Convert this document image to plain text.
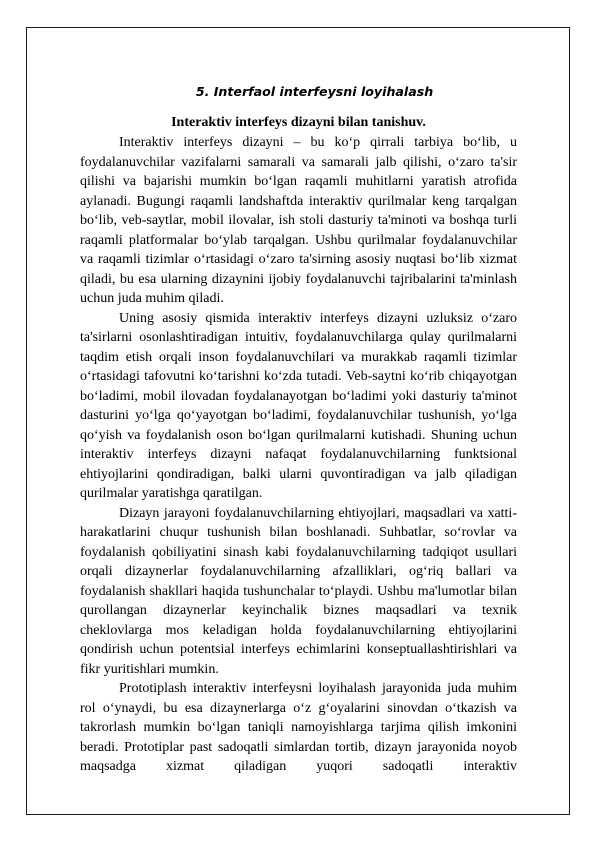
5. Interfaol interfeysni loyihalash
Interaktiv interfeys dizayni bilan tanishuv.

Interaktiv interfeys dizayni – bu ko‘p qirrali tarbiya bo‘lib, u foydalanuvchilar vazifalarni samarali va samarali jalb qilishi, o‘zaro ta'sir qilishi va bajarishi mumkin bo‘lgan raqamli muhitlarni yaratish atrofida aylanadi. Bugungi raqamli landshaftda interaktiv qurilmalar keng tarqalgan bo‘lib, veb-saytlar, mobil ilovalar, ish stoli dasturiy ta'minoti va boshqa turli raqamli platformalar bo‘ylab tarqalgan. Ushbu qurilmalar foydalanuvchilar va raqamli tizimlar o‘rtasidagi o‘zaro ta'sirning asosiy nuqtasi bo‘lib xizmat qiladi, bu esa ularning dizaynini ijobiy foydalanuvchi tajribalarini ta'minlash uchun juda muhim qiladi.

Uning asosiy qismida interaktiv interfeys dizayni uzluksiz o‘zaro ta'sirlarni osonlashtiradigan intuitiv, foydalanuvchilarga qulay qurilmalarni taqdim etish orqali inson foydalanuvchilari va murakkab raqamli tizimlar o‘rtasidagi tafovutni ko‘tarishni ko‘zda tutadi. Veb-saytni ko‘rib chiqayotgan bo‘ladimi, mobil ilovadan foydalanayotgan bo‘ladimi yoki dasturiy ta'minot dasturini yo‘lga qo‘yayotgan bo‘ladimi, foydalanuvchilar tushunish, yo‘lga qo‘yish va foydalanish oson bo‘lgan qurilmalarni kutishadi. Shuning uchun interaktiv interfeys dizayni nafaqat foydalanuvchilarning funktsional ehtiyojlarini qondiradigan, balki ularni quvontiradigan va jalb qiladigan qurilmalar yaratishga qaratilgan.

Dizayn jarayoni foydalanuvchilarning ehtiyojlari, maqsadlari va xatti-harakatlarini chuqur tushunish bilan boshlanadi. Suhbatlar, so‘rovlar va foydalanish qobiliyatini sinash kabi foydalanuvchilarning tadqiqot usullari orqali dizaynerlar foydalanuvchilarning afzalliklari, og‘riq ballari va foydalanish shakllari haqida tushunchalar to‘playdi. Ushbu ma'lumotlar bilan qurollangan dizaynerlar keyinchalik biznes maqsadlari va texnik cheklovlarga mos keladigan holda foydalanuvchilarning ehtiyojlarini qondirish uchun potentsial interfeys echimlarini konseptuallashtirishlari va fikr yuritishlari mumkin.

Prototiplash interaktiv interfeysni loyihalash jarayonida juda muhim rol o‘ynaydi, bu esa dizaynerlarga o‘z g‘oyalarini sinovdan o‘tkazish va takrorlash mumkin bo‘lgan taniqli namoyishlarga tarjima qilish imkonini beradi. Prototiplar past sadoqatli simlardan tortib, dizayn jarayonida noyob maqsadga xizmat qiladigan yuqori sadoqatli interaktiv
